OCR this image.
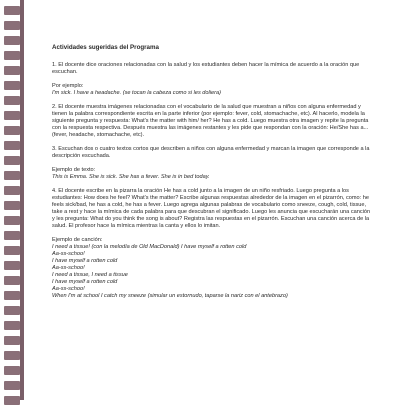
Actividades sugeridas del Programa

1. El docente dice oraciones relacionadas con la salud y los estudiantes deben hacer la mímica de acuerdo a la oración que escuchan.

Por ejemplo:
I'm sick. I have a headache. (se tocan la cabeza como si les doliera)

2. El docente muestra imágenes relacionadas con el vocabulario de la salud que muestran a niños con alguna enfermedad y tienen la palabra correspondiente escrita en la parte inferior (por ejemplo: fever, cold, stomachache, etc). Al hacerlo, modela la siguiente pregunta y respuesta: What's the matter with him/ her? He has a cold. Luego muestra otra imagen y repite la pregunta con la respuesta respectiva. Después muestra las imágenes restantes y les pide que respondan con la oración: He/She has a... (fever, headache, stomachache, etc).

3. Escuchan dos o cuatro textos cortos que describen a niños con alguna enfermedad y marcan la imagen que corresponde a la descripción escuchada.

Ejemplo de texto:
This is Emma. She is sick. She has a fever. She is in bed today.

4. El docente escribe en la pizarra la oración He has a cold junto a la imagen de un niño resfriado. Luego pregunta a los estudiantes: How does he feel? What's the matter? Escribe algunas respuestas alrededor de la imagen en el pizarrón, como: he feels sick/bad, he has a cold, he has a fever. Luego agrega algunas palabras de vocabulario como sneeze, cough, cold, tissue, take a rest y hace la mímica de cada palabra para que descubran el significado. Luego les anuncia que escucharán una canción y les pregunta: What do you think the song is about? Registra las respuestas en el pizarrón. Escuchan una canción acerca de la salud. El profesor hace la mímica mientras la canta y ellos lo imitan.

Ejemplo de canción:
I need a tissue! (con la melodía de Old MacDonald) I have myself a rotten cold
Aa-ss-schoo!
I have myself a rotten cold
Aa-ss-schoo!
I need a tissue, I need a tissue
I have myself a rotten cold
Aa-ss-schoo!
When I'm at school I catch my sneeze (simular un estornudo, taparse la nariz con el antebrazo)
